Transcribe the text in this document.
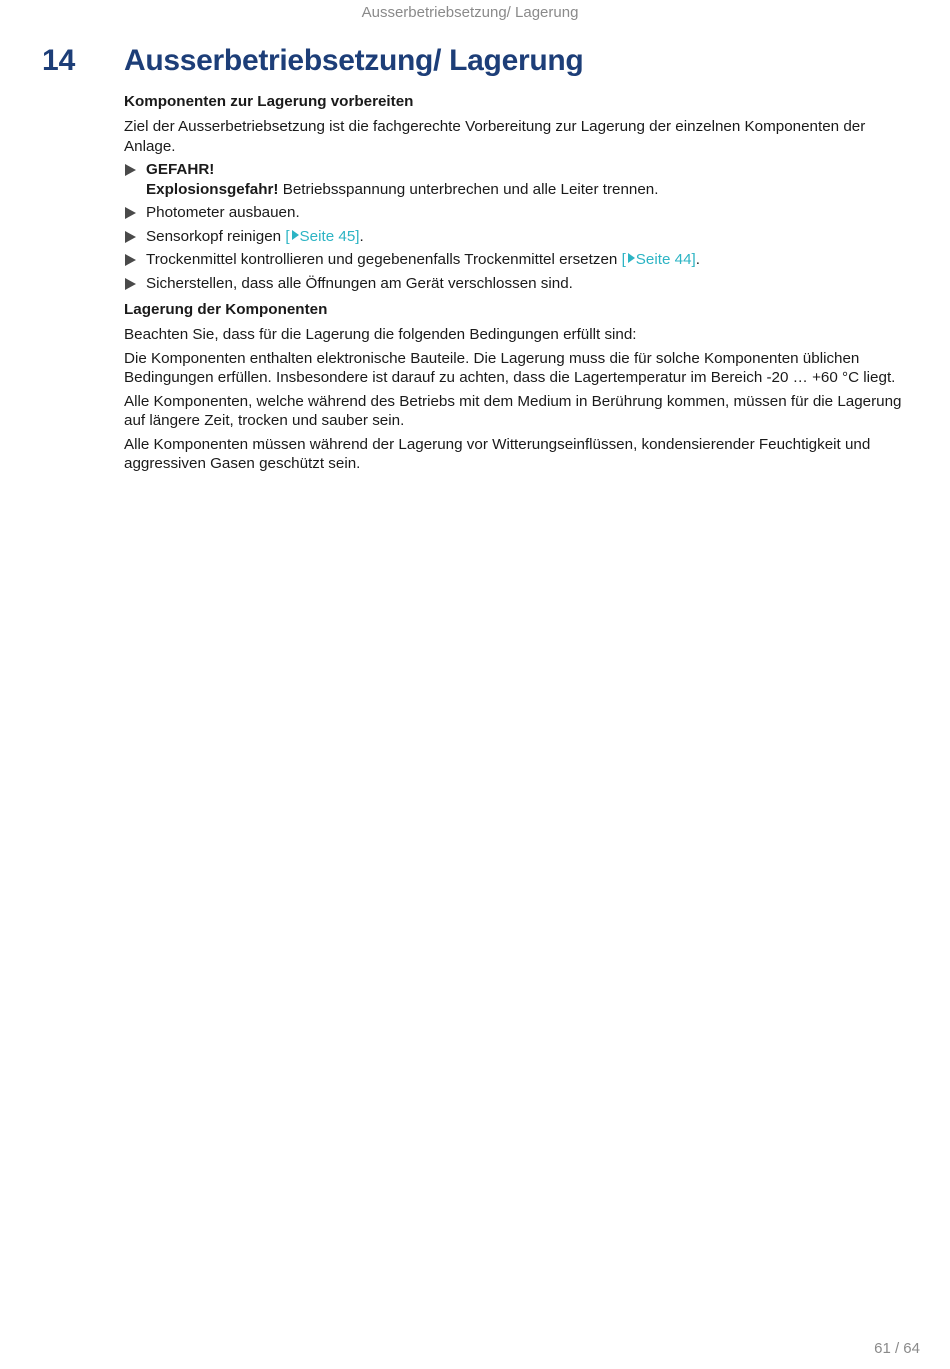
Ausserbetriebsetzung/ Lagerung
14 Ausserbetriebsetzung/ Lagerung
Komponenten zur Lagerung vorbereiten

Ziel der Ausserbetriebsetzung ist die fachgerechte Vorbereitung zur Lagerung der einzelnen Komponenten der Anlage.

GEFAHR!
Explosionsgefahr! Betriebsspannung unterbrechen und alle Leiter trennen.
Photometer ausbauen.
Sensorkopf reinigen [ Seite 45].
Trockenmittel kontrollieren und gegebenenfalls Trockenmittel ersetzen [ Seite 44].
Sicherstellen, dass alle Öffnungen am Gerät verschlossen sind.
Lagerung der Komponenten

Beachten Sie, dass für die Lagerung die folgenden Bedingungen erfüllt sind:

Die Komponenten enthalten elektronische Bauteile. Die Lagerung muss die für solche Komponenten üblichen Bedingungen erfüllen. Insbesondere ist darauf zu achten, dass die Lagertemperatur im Bereich -20 … +60 °C liegt.

Alle Komponenten, welche während des Betriebs mit dem Medium in Berührung kommen, müssen für die Lagerung auf längere Zeit, trocken und sauber sein.

Alle Komponenten müssen während der Lagerung vor Witterungseinflüssen, kondensierender Feuchtigkeit und aggressiven Gasen geschützt sein.

61 / 64
